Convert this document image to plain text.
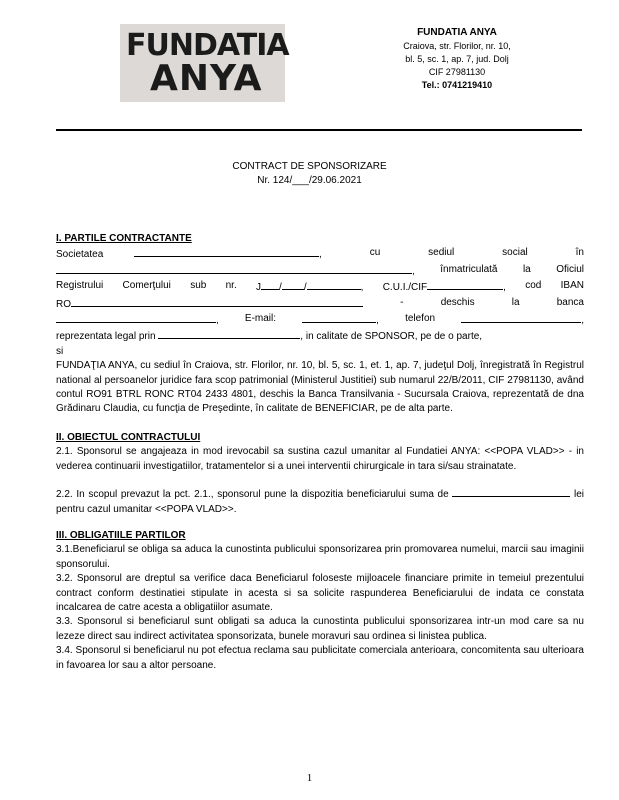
FUNDATIA
ANYA
FUNDATIA ANYA
Craiova, str. Florilor, nr. 10,
bl. 5, sc. 1, ap. 7, jud. Dolj
CIF 27981130
Tel.: 0741219410
CONTRACT DE SPONSORIZARE
Nr. 124/___/29.06.2021

I. PARTILE CONTRACTANTE

Societatea	,	cu	sediul	social	în
,	înmatriculată	la	Oficiul
Registrului Comerţului sub nr. J / /	, C.U.I./CIF	, cod IBAN
RO	-	deschis	la	banca
,	E-mail:	,	telefon	,

reprezentata legal prin	, in calitate de SPONSOR, pe de o parte,

si

FUNDAŢIA ANYA, cu sediul în Craiova, str. Florilor, nr. 10, bl. 5, sc. 1, et. 1, ap. 7, judeţul Dolj, înregistrată în Registrul national al persoanelor juridice fara scop patrimonial (Ministerul Justitiei) sub numarul 22/B/2011, CIF 27981130, având contul RO91 BTRL RONC RT04 2433 4801, deschis la Banca Transilvania - Sucursala Craiova, reprezentată de dna Grădinaru Claudia, cu funcţia de Preşedinte, în calitate de BENEFICIAR, pe de alta parte.

II. OBIECTUL CONTRACTULUI

2.1. Sponsorul se angajeaza in mod irevocabil sa sustina cazul umanitar al Fundatiei ANYA: <<POPA VLAD>> - in vederea continuarii investigatiilor, tratamentelor si a unei interventii chirurgicale in tara si/sau strainatate.

2.2. In scopul prevazut la pct. 2.1., sponsorul pune la dispozitia beneficiarului suma de	lei pentru cazul umanitar <<POPA VLAD>>.

III. OBLIGATIILE PARTILOR

3.1.Beneficiarul se obliga sa aduca la cunostinta publicului sponsorizarea prin promovarea numelui, marcii sau imaginii sponsorului.

3.2. Sponsorul are dreptul sa verifice daca Beneficiarul foloseste mijloacele financiare primite in temeiul prezentului contract conform destinatiei stipulate in acesta si sa solicite raspunderea Beneficiarului de indata ce constata incalcarea de catre acesta a obligatiilor asumate.

3.3. Sponsorul si beneficiarul sunt obligati sa aduca la cunostinta publicului sponsorizarea intr-un mod care sa nu lezeze direct sau indirect activitatea sponsorizata, bunele moravuri sau ordinea si linistea publica.

3.4. Sponsorul si beneficiarul nu pot efectua reclama sau publicitate comerciala anterioara, concomitenta sau ulterioara in favoarea lor sau a altor persoane.

1
